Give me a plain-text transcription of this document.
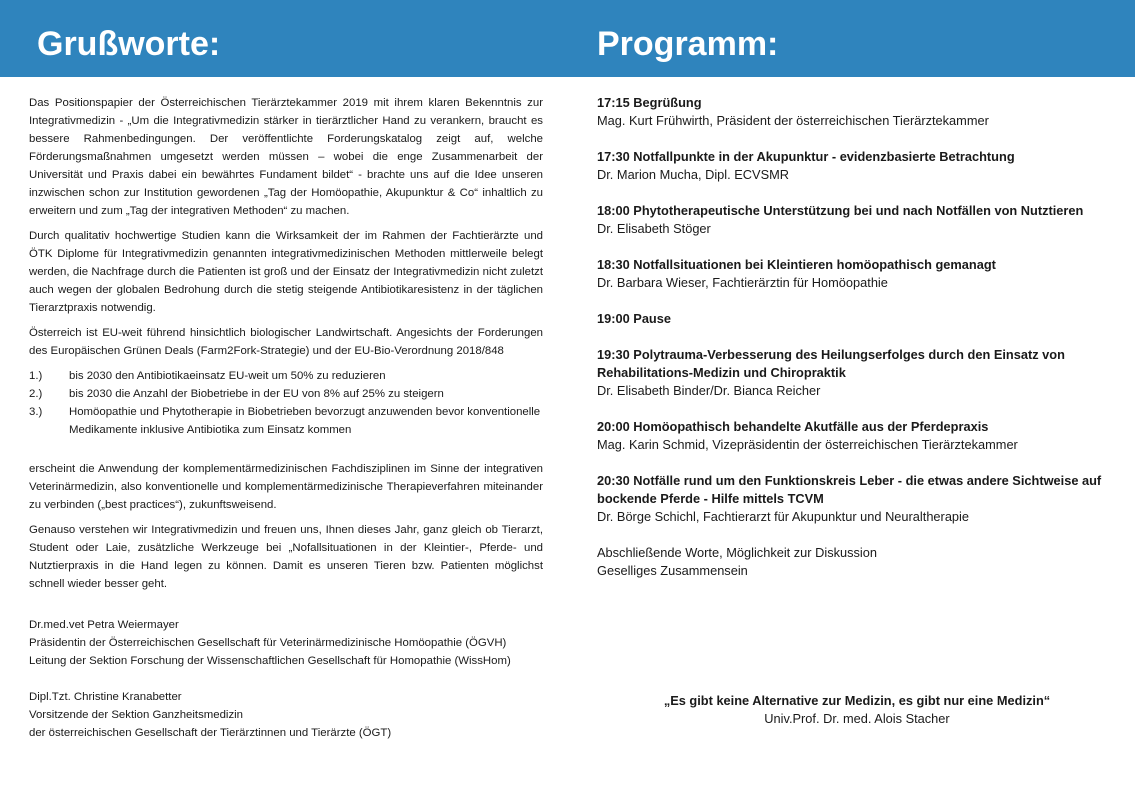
Grußworte:	Programm:

Das Positionspapier der Österreichischen Tierärztekammer 2019 mit ihrem klaren Bekenntnis zur Integrativmedizin - „Um die Integrativmedizin stärker in tierärztlicher Hand zu verankern, braucht es bessere Rahmenbedingungen. Der veröffentlichte Forderungskatalog zeigt auf, welche Förderungsmaßnahmen umgesetzt werden müssen – wobei die enge Zusammenarbeit der Universität und Praxis dabei ein bewährtes Fundament bildet“ - brachte uns auf die Idee unseren inzwischen schon zur Institution gewordenen „Tag der Homöopathie, Akupunktur & Co“ inhaltlich zu erweitern und zum „Tag der integrativen Methoden“ zu machen.

Durch qualitativ hochwertige Studien kann die Wirksamkeit der im Rahmen der Fachtierärzte und ÖTK Diplome für Integrativmedizin genannten integrativmedizinischen Methoden mittlerweile belegt werden, die Nachfrage durch die Patienten ist groß und der Einsatz der Integrativmedizin nicht zuletzt auch wegen der globalen Bedrohung durch die stetig steigende Antibiotikaresistenz in der täglichen Tierarztpraxis notwendig.

Österreich ist EU-weit führend hinsichtlich biologischer Landwirtschaft. Angesichts der Forderungen des Europäischen Grünen Deals (Farm2Fork-Strategie) und der EU-Bio-Verordnung 2018/848

1.)	bis 2030 den Antibiotikaeinsatz EU-weit um 50% zu reduzieren
2.)	bis 2030 die Anzahl der Biobetriebe in der EU von 8% auf 25% zu steigern
3.)	Homöopathie und Phytotherapie in Biobetrieben bevorzugt anzuwenden bevor konventionelle Medikamente inklusive Antibiotika zum Einsatz kommen

erscheint die Anwendung der komplementärmedizinischen Fachdisziplinen im Sinne der integrativen Veterinärmedizin, also konventionelle und komplementärmedizinische Therapieverfahren miteinander zu verbinden („best practices“), zukunftsweisend.

Genauso verstehen wir Integrativmedizin und freuen uns, Ihnen dieses Jahr, ganz gleich ob Tierarzt, Student oder Laie, zusätzliche Werkzeuge bei „Nofallsituationen in der Kleintier-, Pferde- und Nutztierpraxis in die Hand legen zu können. Damit es unseren Tieren bzw. Patienten möglichst schnell wieder besser geht.

Dr.med.vet Petra Weiermayer
Präsidentin der Österreichischen Gesellschaft für Veterinärmedizinische Homöopathie (ÖGVH)
Leitung der Sektion Forschung der Wissenschaftlichen Gesellschaft für Homopathie (WissHom)
Dipl.Tzt. Christine Kranabetter
Vorsitzende der Sektion Ganzheitsmedizin
der österreichischen Gesellschaft der Tierärztinnen und Tierärzte (ÖGT)
17:15 Begrüßung
Mag. Kurt Frühwirth, Präsident der österreichischen Tierärztekammer
17:30 Notfallpunkte in der Akupunktur - evidenzbasierte Betrachtung
Dr. Marion Mucha, Dipl. ECVSMR
18:00 Phytotherapeutische Unterstützung bei und nach Notfällen von Nutztieren
Dr. Elisabeth Stöger
18:30 Notfallsituationen bei Kleintieren homöopathisch gemanagt
Dr. Barbara Wieser, Fachtierärztin für Homöopathie
19:00 Pause
19:30 Polytrauma-Verbesserung des Heilungserfolges durch den Einsatz von Rehabilitations-Medizin und Chiropraktik
Dr. Elisabeth Binder/Dr. Bianca Reicher
20:00 Homöopathisch behandelte Akutfälle aus der Pferdepraxis
Mag. Karin Schmid, Vizepräsidentin der österreichischen Tierärztekammer
20:30 Notfälle rund um den Funktionskreis Leber - die etwas andere Sichtweise auf bockende Pferde - Hilfe mittels TCVM
Dr. Börge Schichl, Fachtierarzt für Akupunktur und Neuraltherapie
Abschließende Worte, Möglichkeit zur Diskussion
Geselliges Zusammensein
„Es gibt keine Alternative zur Medizin, es gibt nur eine Medizin“
Univ.Prof. Dr. med. Alois Stacher
